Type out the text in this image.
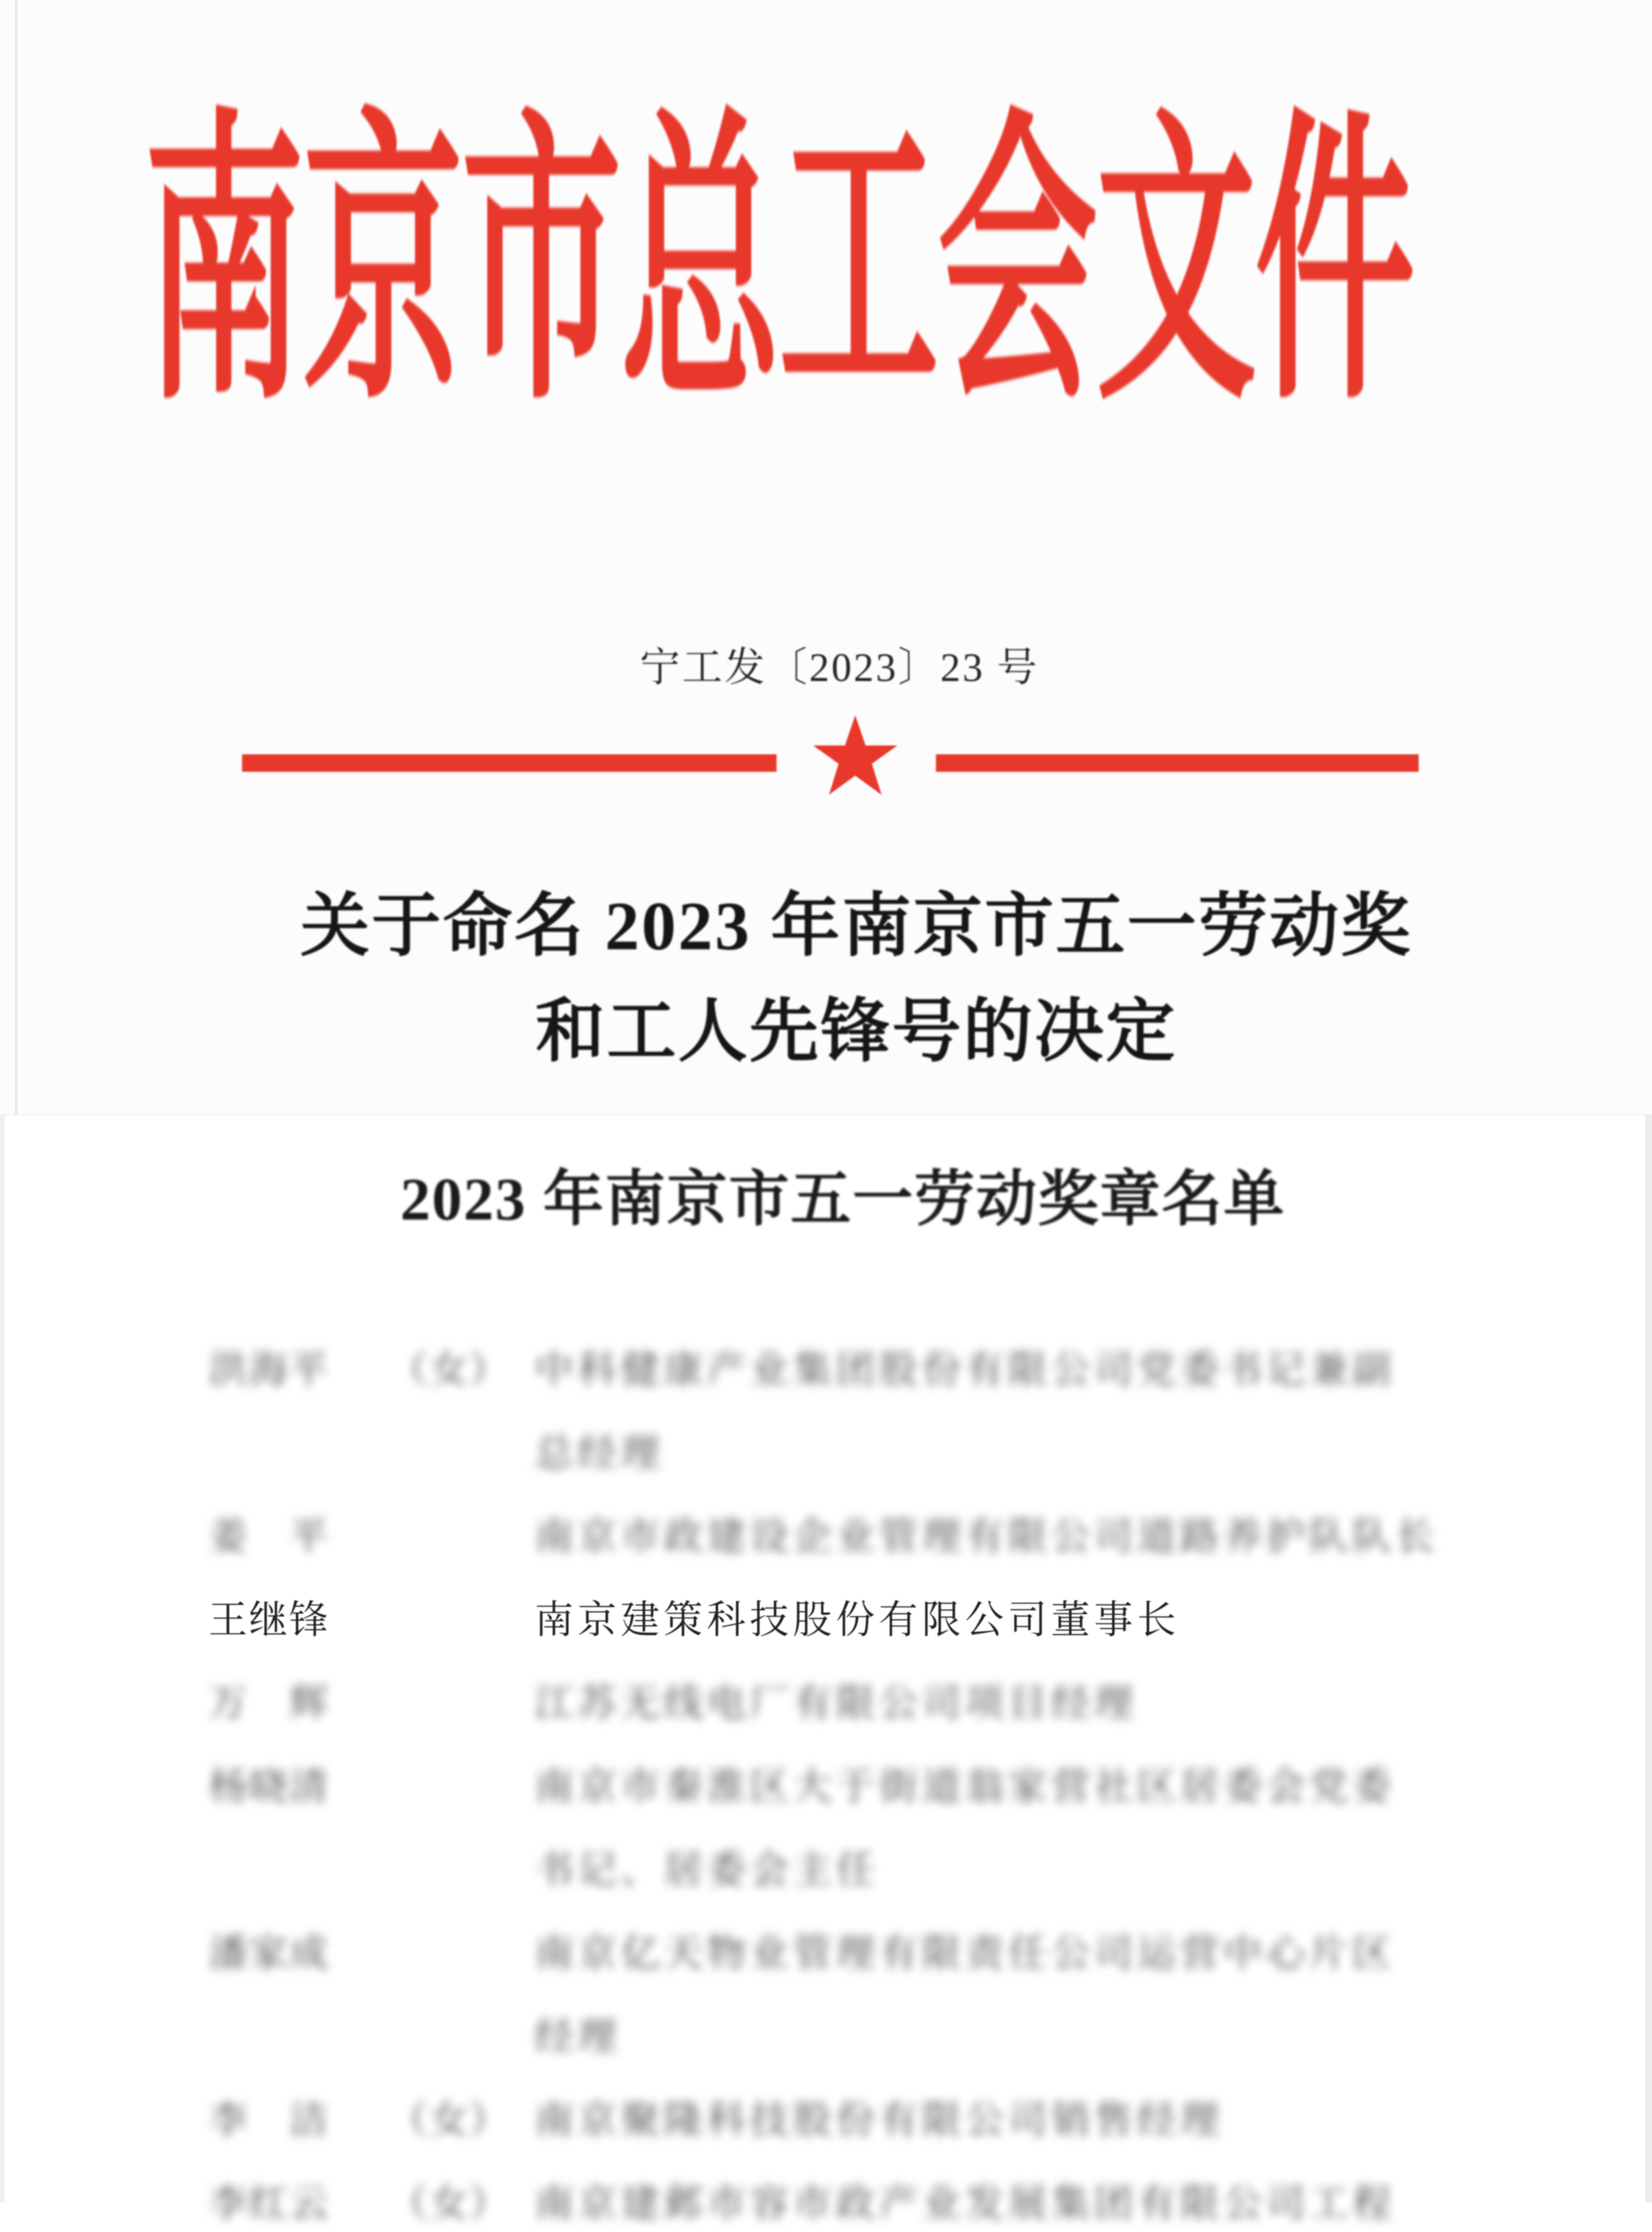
南京市总工会文件
宁工发〔2023〕23 号
关于命名 2023 年南京市五一劳动奖
和工人先锋号的决定
2023 年南京市五一劳动奖章名单
洪海平 （女） 中科健康产业集团股份有限公司党委书记兼副
总经理
姜　平	南京市政建设企业管理有限公司道路养护队队长
王继锋	南京建策科技股份有限公司董事长
万　辉	江苏无线电厂有限公司项目经理
杨晓清	南京市秦淮区大于街道翁家营社区居委会党委
书记、居委会主任
潘家成	南京亿天物业管理有限责任公司运营中心片区
经理
李　洁 （女） 南京聚隆科技股份有限公司销售经理
李红云 （女） 南京建邺市容市政产业发展集团有限公司工程
